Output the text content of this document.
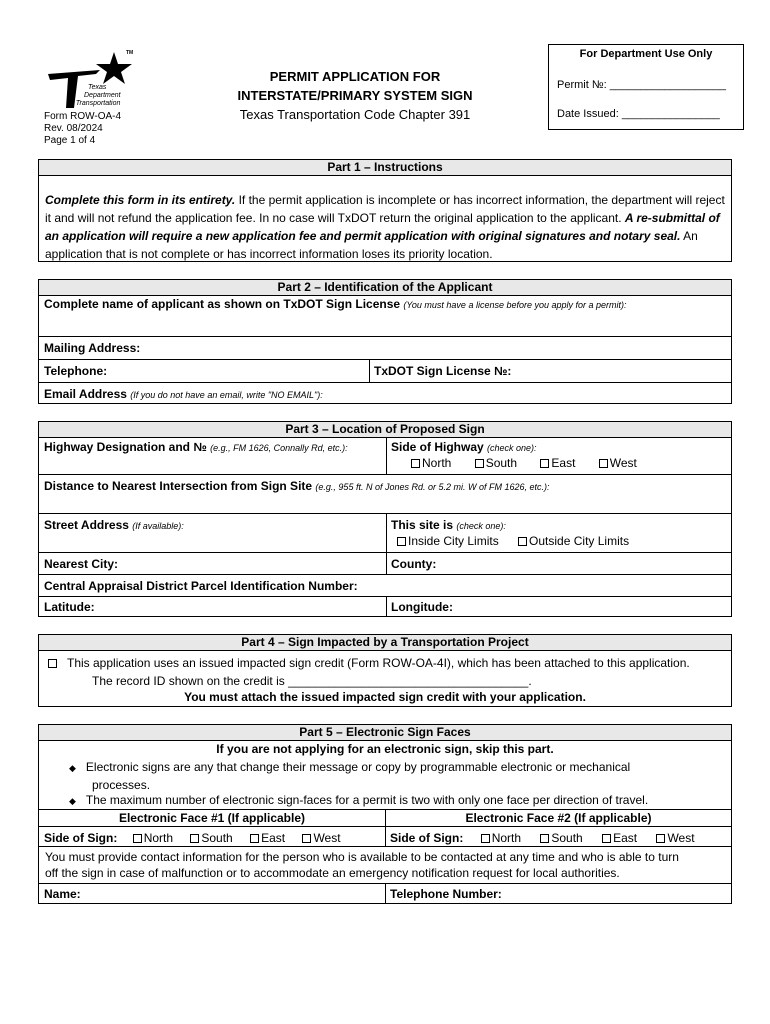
TM
Texas
Department
of Transportation
Form ROW-OA-4
Rev. 08/2024
Page 1 of 4
PERMIT APPLICATION FOR
INTERSTATE/PRIMARY SYSTEM SIGN
Texas Transportation Code Chapter 391
For Department Use Only
Permit №: ___________________
Date Issued: ________________
Part 1 – Instructions
Complete this form in its entirety. If the permit application is incomplete or has incorrect information, the department will reject it and will not refund the application fee. In no case will TxDOT return the original application to the applicant. A re-submittal of an application will require a new application fee and permit application with original signatures and notary seal. An application that is not complete or has incorrect information loses its priority location.
Part 2 – Identification of the Applicant
Complete name of applicant as shown on TxDOT Sign License (You must have a license before you apply for a permit):
Mailing Address:
Telephone:	TxDOT Sign License №:
Email Address (If you do not have an email, write "NO EMAIL"):
Part 3 – Location of Proposed Sign
Highway Designation and № (e.g., FM 1626, Connally Rd, etc.):	Side of Highway (check one):
North	South	East	West
Distance to Nearest Intersection from Sign Site (e.g., 955 ft. N of Jones Rd. or 5.2 mi. W of FM 1626, etc.):
Street Address (If available):	This site is (check one):
Inside City Limits	Outside City Limits
Nearest City:	County:
Central Appraisal District Parcel Identification Number:
Latitude:	Longitude:
Part 4 – Sign Impacted by a Transportation Project
This application uses an issued impacted sign credit (Form ROW-OA-4I), which has been attached to this application.
The record ID shown on the credit is ____________________________________.
You must attach the issued impacted sign credit with your application.
Part 5 – Electronic Sign Faces
If you are not applying for an electronic sign, skip this part.
◆ Electronic signs are any that change their message or copy by programmable electronic or mechanical
processes.
◆ The maximum number of electronic sign-faces for a permit is two with only one face per direction of travel.
Electronic Face #1 (If applicable)	Electronic Face #2 (If applicable)
Side of Sign: North South East West	Side of Sign: North	South	East	West
You must provide contact information for the person who is available to be contacted at any time and who is able to turn
off the sign in case of malfunction or to accommodate an emergency notification request for local authorities.
Name:	Telephone Number:
